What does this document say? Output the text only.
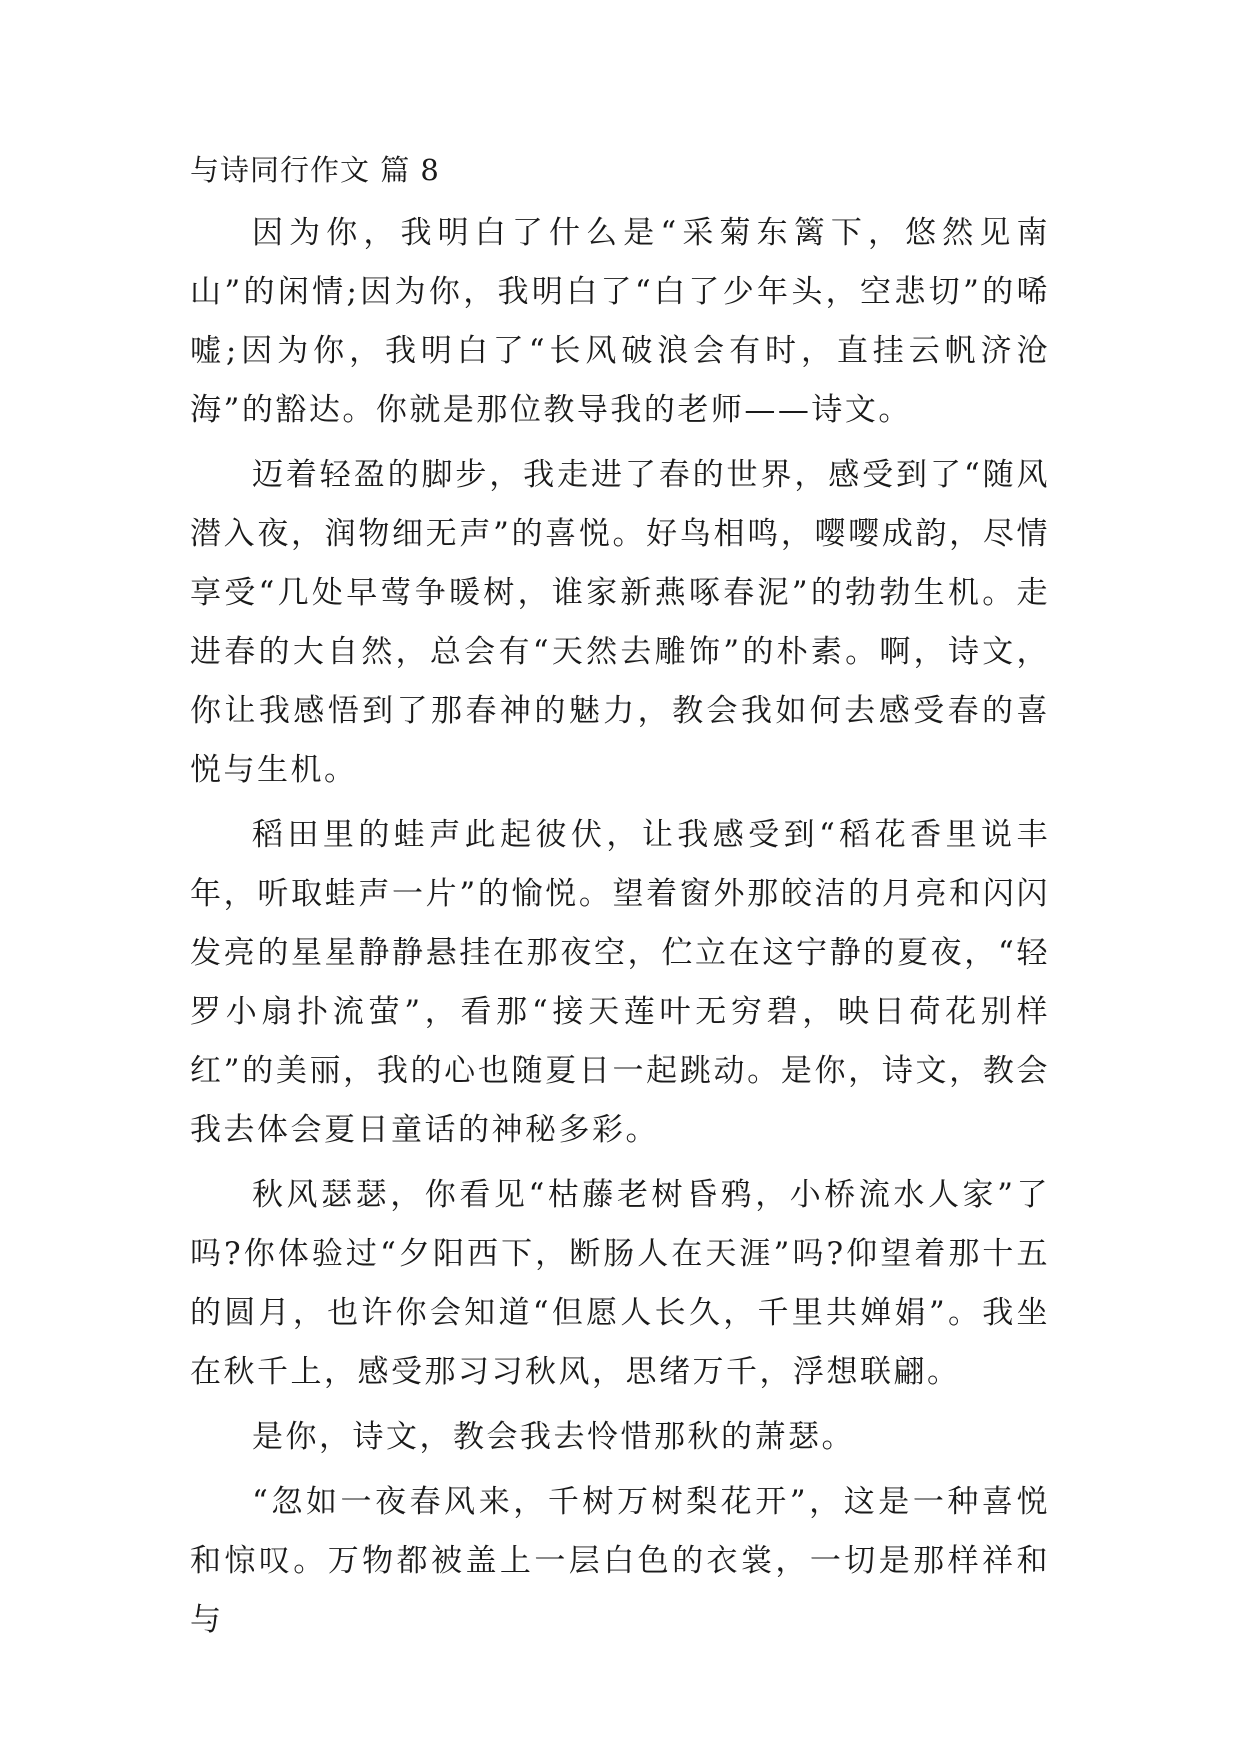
与诗同行作文 篇 8

因为你，我明白了什么是“采菊东篱下，悠然见南山”的闲情;因为你，我明白了“白了少年头，空悲切”的唏嘘;因为你，我明白了“长风破浪会有时，直挂云帆济沧海”的豁达。你就是那位教导我的老师——诗文。

迈着轻盈的脚步，我走进了春的世界，感受到了“随风潜入夜，润物细无声”的喜悦。好鸟相鸣，嘤嘤成韵，尽情享受“几处早莺争暖树，谁家新燕啄春泥”的勃勃生机。走进春的大自然，总会有“天然去雕饰”的朴素。啊，诗文，你让我感悟到了那春神的魅力，教会我如何去感受春的喜悦与生机。

稻田里的蛙声此起彼伏，让我感受到“稻花香里说丰年，听取蛙声一片”的愉悦。望着窗外那皎洁的月亮和闪闪发亮的星星静静悬挂在那夜空，伫立在这宁静的夏夜，“轻罗小扇扑流萤”，看那“接天莲叶无穷碧，映日荷花别样红”的美丽，我的心也随夏日一起跳动。是你，诗文，教会我去体会夏日童话的神秘多彩。

秋风瑟瑟，你看见“枯藤老树昏鸦，小桥流水人家”了吗?你体验过“夕阳西下，断肠人在天涯”吗?仰望着那十五的圆月，也许你会知道“但愿人长久，千里共婵娟”。我坐在秋千上，感受那习习秋风，思绪万千，浮想联翩。

是你，诗文，教会我去怜惜那秋的萧瑟。

“忽如一夜春风来，千树万树梨花开”，这是一种喜悦和惊叹。万物都被盖上一层白色的衣裳，一切是那样祥和与
